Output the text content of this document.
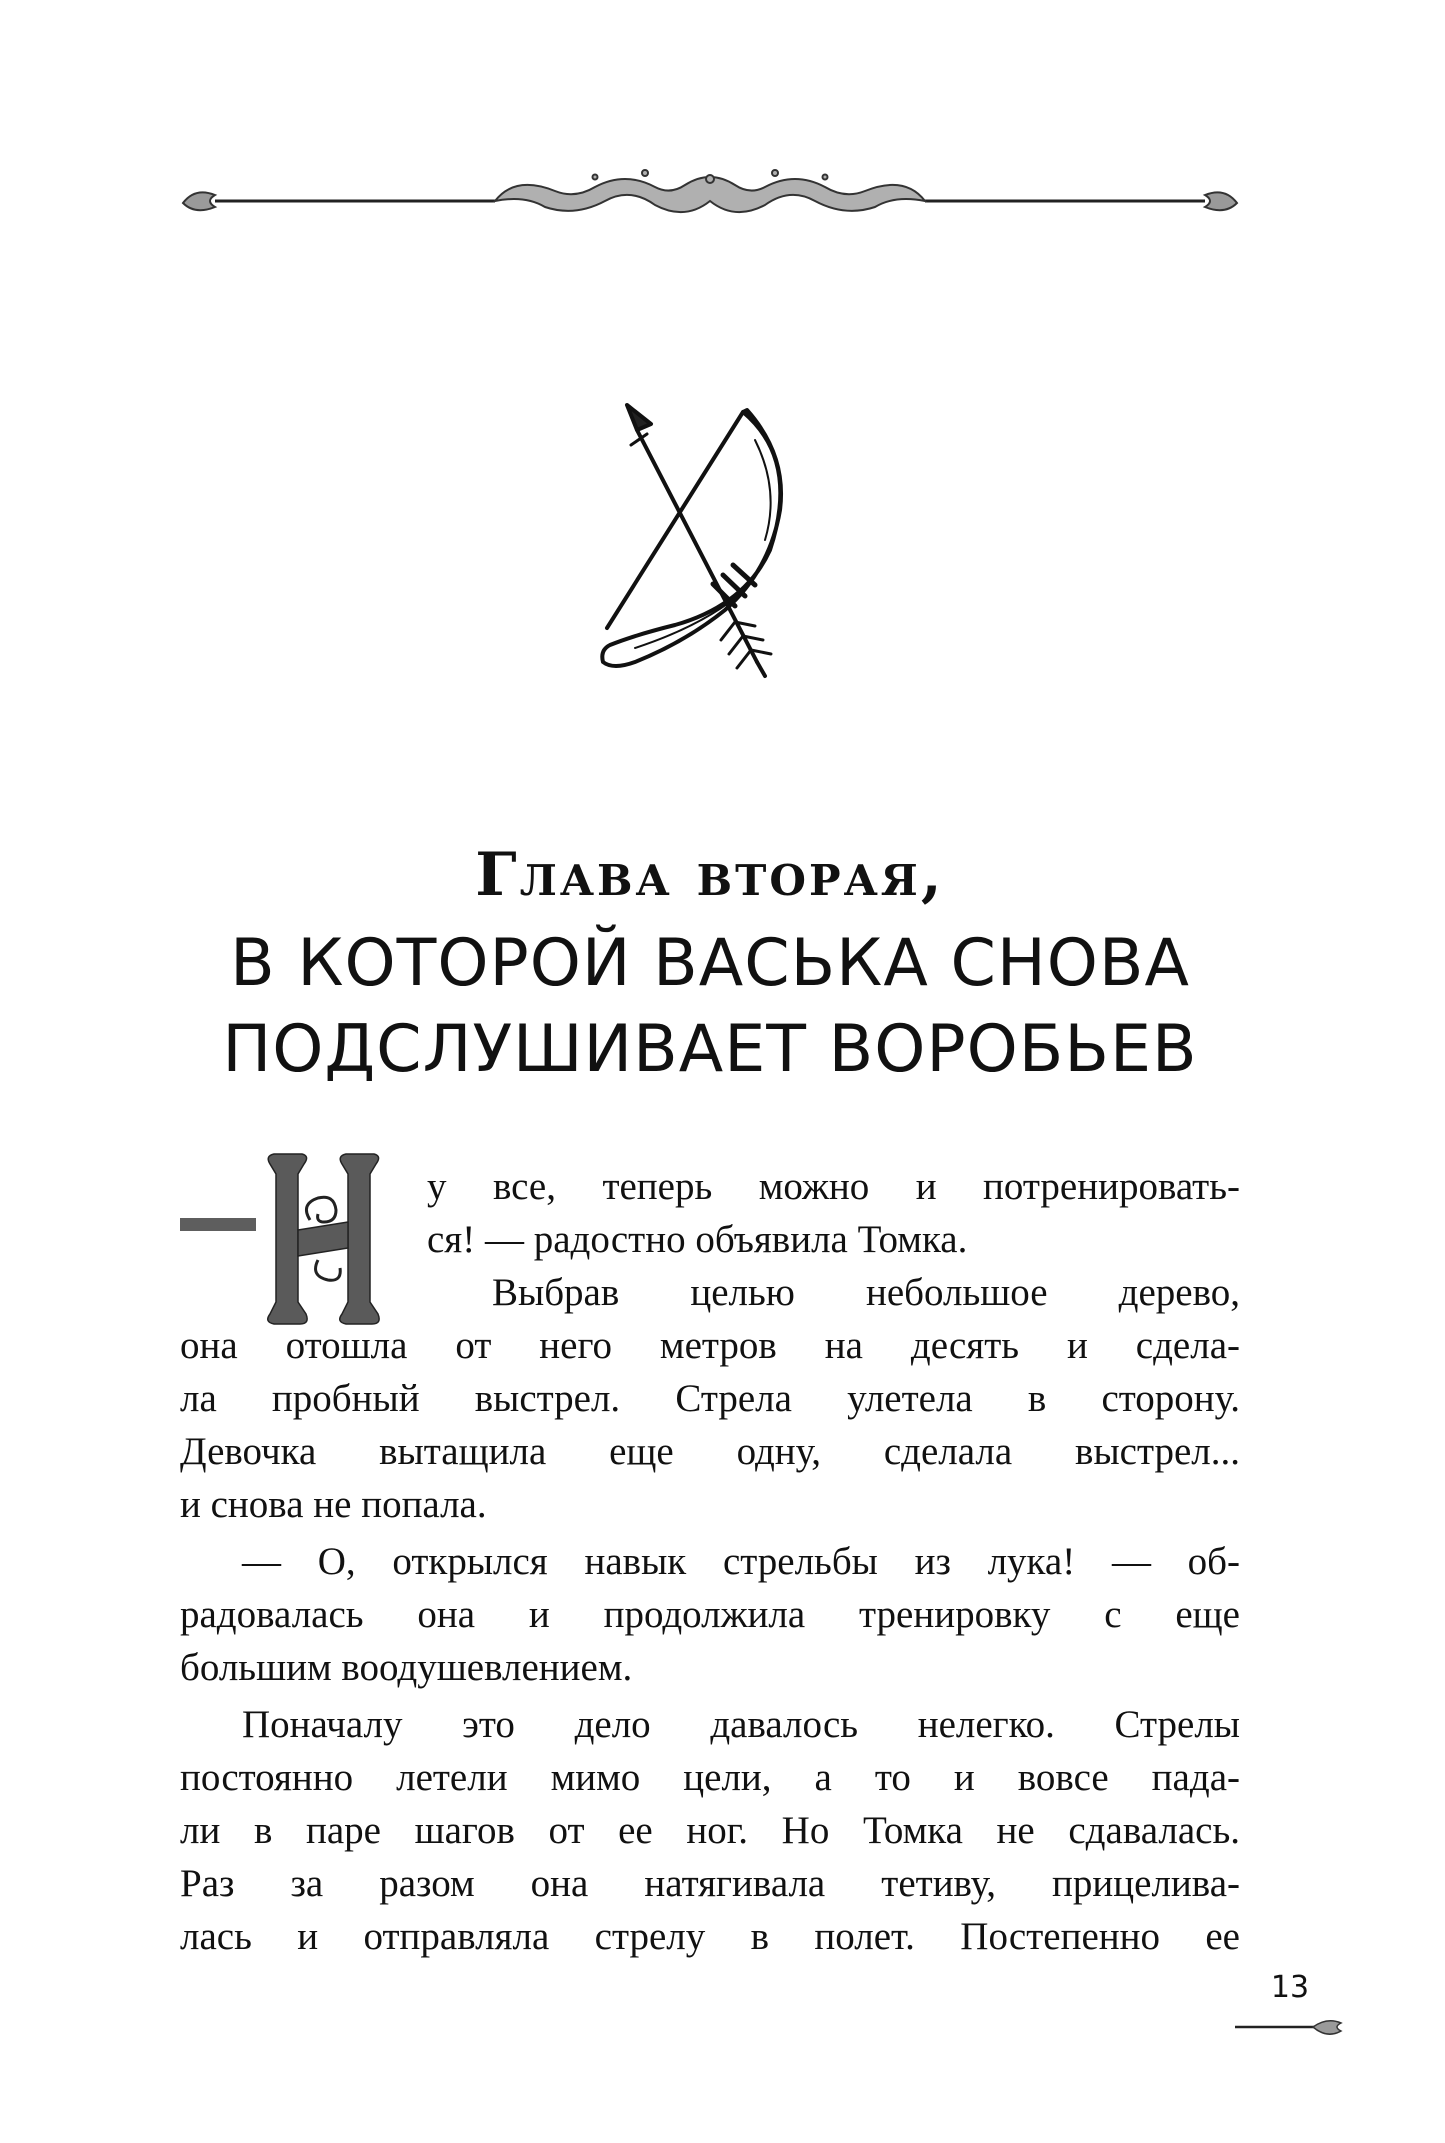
Глава вторая,
В КОТОРОЙ ВАСЬКА СНОВА
ПОДСЛУШИВАЕТ ВОРОБЬЕВ
у все, теперь можно и потренировать-
ся! — радостно объявила Томка.
Выбрав целью небольшое дерево,
она отошла от него метров на десять и сдела-
ла пробный выстрел. Стрела улетела в сторону.
Девочка вытащила еще одну, сделала выстрел...
и снова не попала.
— О, открылся навык стрельбы из лука! — об-
радовалась она и продолжила тренировку с еще
большим воодушевлением.
Поначалу это дело давалось нелегко. Стрелы
постоянно летели мимо цели, а то и вовсе пада-
ли в паре шагов от ее ног. Но Томка не сдавалась.
Раз за разом она натягивала тетиву, прицелива-
лась и отправляла стрелу в полет. Постепенно ее
13
